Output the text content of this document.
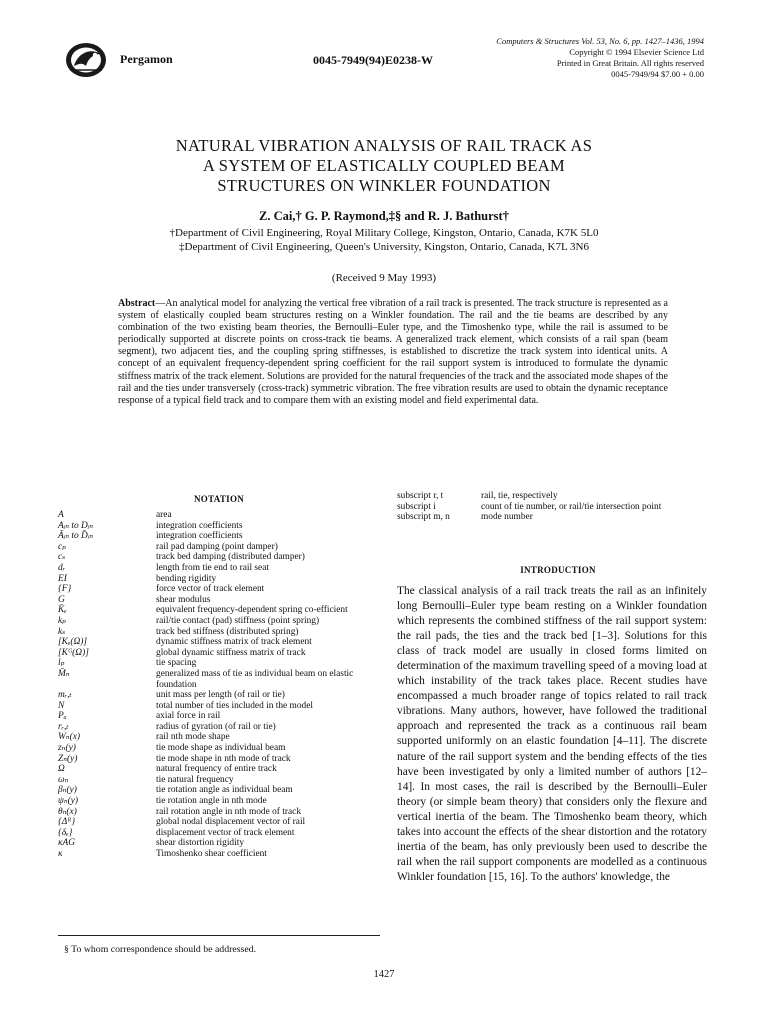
Pergamon	0045-7949(94)E0238-W
Computers & Structures Vol. 53, No. 6, pp. 1427–1436, 1994
Copyright © 1994 Elsevier Science Ltd
Printed in Great Britain. All rights reserved
0045-7949/94 $7.00 + 0.00
NATURAL VIBRATION ANALYSIS OF RAIL TRACK AS
A SYSTEM OF ELASTICALLY COUPLED BEAM
STRUCTURES ON WINKLER FOUNDATION
Z. Cai,† G. P. Raymond,‡§ and R. J. Bathurst†
†Department of Civil Engineering, Royal Military College, Kingston, Ontario, Canada, K7K 5L0
‡Department of Civil Engineering, Queen's University, Kingston, Ontario, Canada, K7L 3N6
(Received 9 May 1993)
Abstract—An analytical model for analyzing the vertical free vibration of a rail track is presented. The track structure is represented as a system of elastically coupled beam structures resting on a Winkler foundation. The rail and the tie beams are described by any combination of the two existing beam theories, the Bernoulli–Euler type, and the Timoshenko type, while the rail is assumed to be periodically supported at discrete points on cross-track tie beams. A generalized track element, which consists of a rail span (beam segment), two adjacent ties, and the coupling spring stiffnesses, is established to discretize the track system into identical units. A concept of an equivalent frequency-dependent spring coefficient for the rail support system is introduced to formulate the dynamic stiffness matrix of the track element. Solutions are provided for the natural frequencies of the track and the associated mode shapes of the rail and the ties under transversely (cross-track) symmetric vibration. The free vibration results are used to obtain the dynamic receptance response of a typical field track and to compare them with an existing model and field experimental data.
NOTATION
A	area
Aᵢₙ to Dᵢₙ	integration coefficients
Āᵢₙ to D̄ᵢₙ	integration coefficients
cₚ	rail pad damping (point damper)
cₛ	track bed damping (distributed damper)
dᵣ	length from tie end to rail seat
EI	bending rigidity
{F}	force vector of track element
G	shear modulus
K̄ₑ	equivalent frequency-dependent spring co-efficient
kₚ	rail/tie contact (pad) stiffness (point spring)
kₛ	track bed stiffness (distributed spring)
[Kₑ(Ω)]	dynamic stiffness matrix of track element
[Kᴳ(Ω)]	global dynamic stiffness matrix of track
lₚ	tie spacing
M̄ₙ	generalized mass of tie as individual beam on elastic foundation
mᵣ,ₜ	unit mass per length (of rail or tie)
N	total number of ties included in the model
Pₐ	axial force in rail
rᵣ,ₜ	radius of gyration (of rail or tie)
Wₙ(x)	rail nth mode shape
zₙ(y)	tie mode shape as individual beam
Zₙ(y)	tie mode shape in nth mode of track
Ω	natural frequency of entire track
ωₙ	tie natural frequency
βₙ(y)	tie rotation angle as individual beam
ψₙ(y)	tie rotation angle in nth mode
θₙ(x)	rail rotation angle in nth mode of track
{Δᴿ}	global nodal displacement vector of rail
{δₑ}	displacement vector of track element
κAG	shear distortion rigidity
κ	Timoshenko shear coefficient
§ To whom correspondence should be addressed.
subscript r, t	rail, tie, respectively
subscript i	count of tie number, or rail/tie intersection point
subscript m, n	mode number
INTRODUCTION
The classical analysis of a rail track treats the rail as an infinitely long Bernoulli–Euler type beam resting on a Winkler foundation which represents the combined stiffness of the rail support system: the rail pads, the ties and the track bed [1–3]. Solutions for this class of track model are usually in closed forms limited on determination of the maximum travelling speed of a moving load at which instability of the track takes place. Recent studies have encompassed a much broader range of topics related to rail track vibrations. Many authors, however, have followed the traditional approach and represented the track as a continuous rail beam supported uniformly on an elastic foundation [4–11]. The discrete nature of the rail support system and the bending effects of the ties have been investigated by only a limited number of authors [12–14]. In most cases, the rail is described by the Bernoulli–Euler theory (or simple beam theory) that considers only the flexure and vertical inertia of the beam. The Timoshenko beam theory, which takes into account the effects of the shear distortion and the rotatory inertia of the beam, has only previously been used to describe the rail when the rail support components are modelled as a continuous Winkler foundation [15, 16]. To the authors' knowledge, the
1427
